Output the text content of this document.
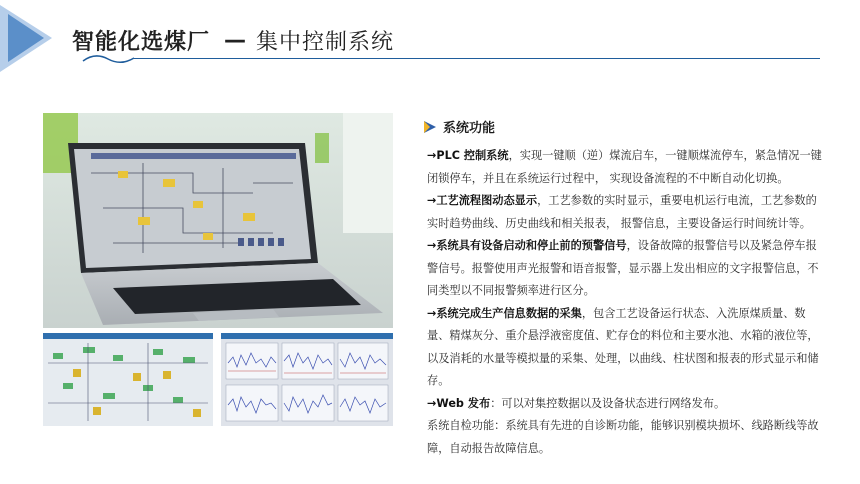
智能化选煤厂 — 集中控制系统
系统功能

→PLC 控制系统，实现一键顺（逆）煤流启车，一键顺煤流停车，紧急情况一键闭锁停车，并且在系统运行过程中， 实现设备流程的不中断自动化切换。

→工艺流程图动态显示，工艺参数的实时显示，重要电机运行电流，工艺参数的实时趋势曲线、历史曲线和相关报表， 报警信息，主要设备运行时间统计等。

→系统具有设备启动和停止前的预警信号，设备故障的报警信号以及紧急停车报警信号。报警使用声光报警和语音报警，显示器上发出相应的文字报警信息，不同类型以不同报警频率进行区分。

→系统完成生产信息数据的采集，包含工艺设备运行状态、入洗原煤质量、数量、精煤灰分、重介悬浮液密度值、贮存仓的料位和主要水池、水箱的液位等，以及消耗的水量等模拟量的采集、处理，以曲线、柱状图和报表的形式显示和储存。

→Web 发布：可以对集控数据以及设备状态进行网络发布。

系统自检功能：系统具有先进的自诊断功能，能够识别模块损坏、线路断线等故障，自动报告故障信息。
